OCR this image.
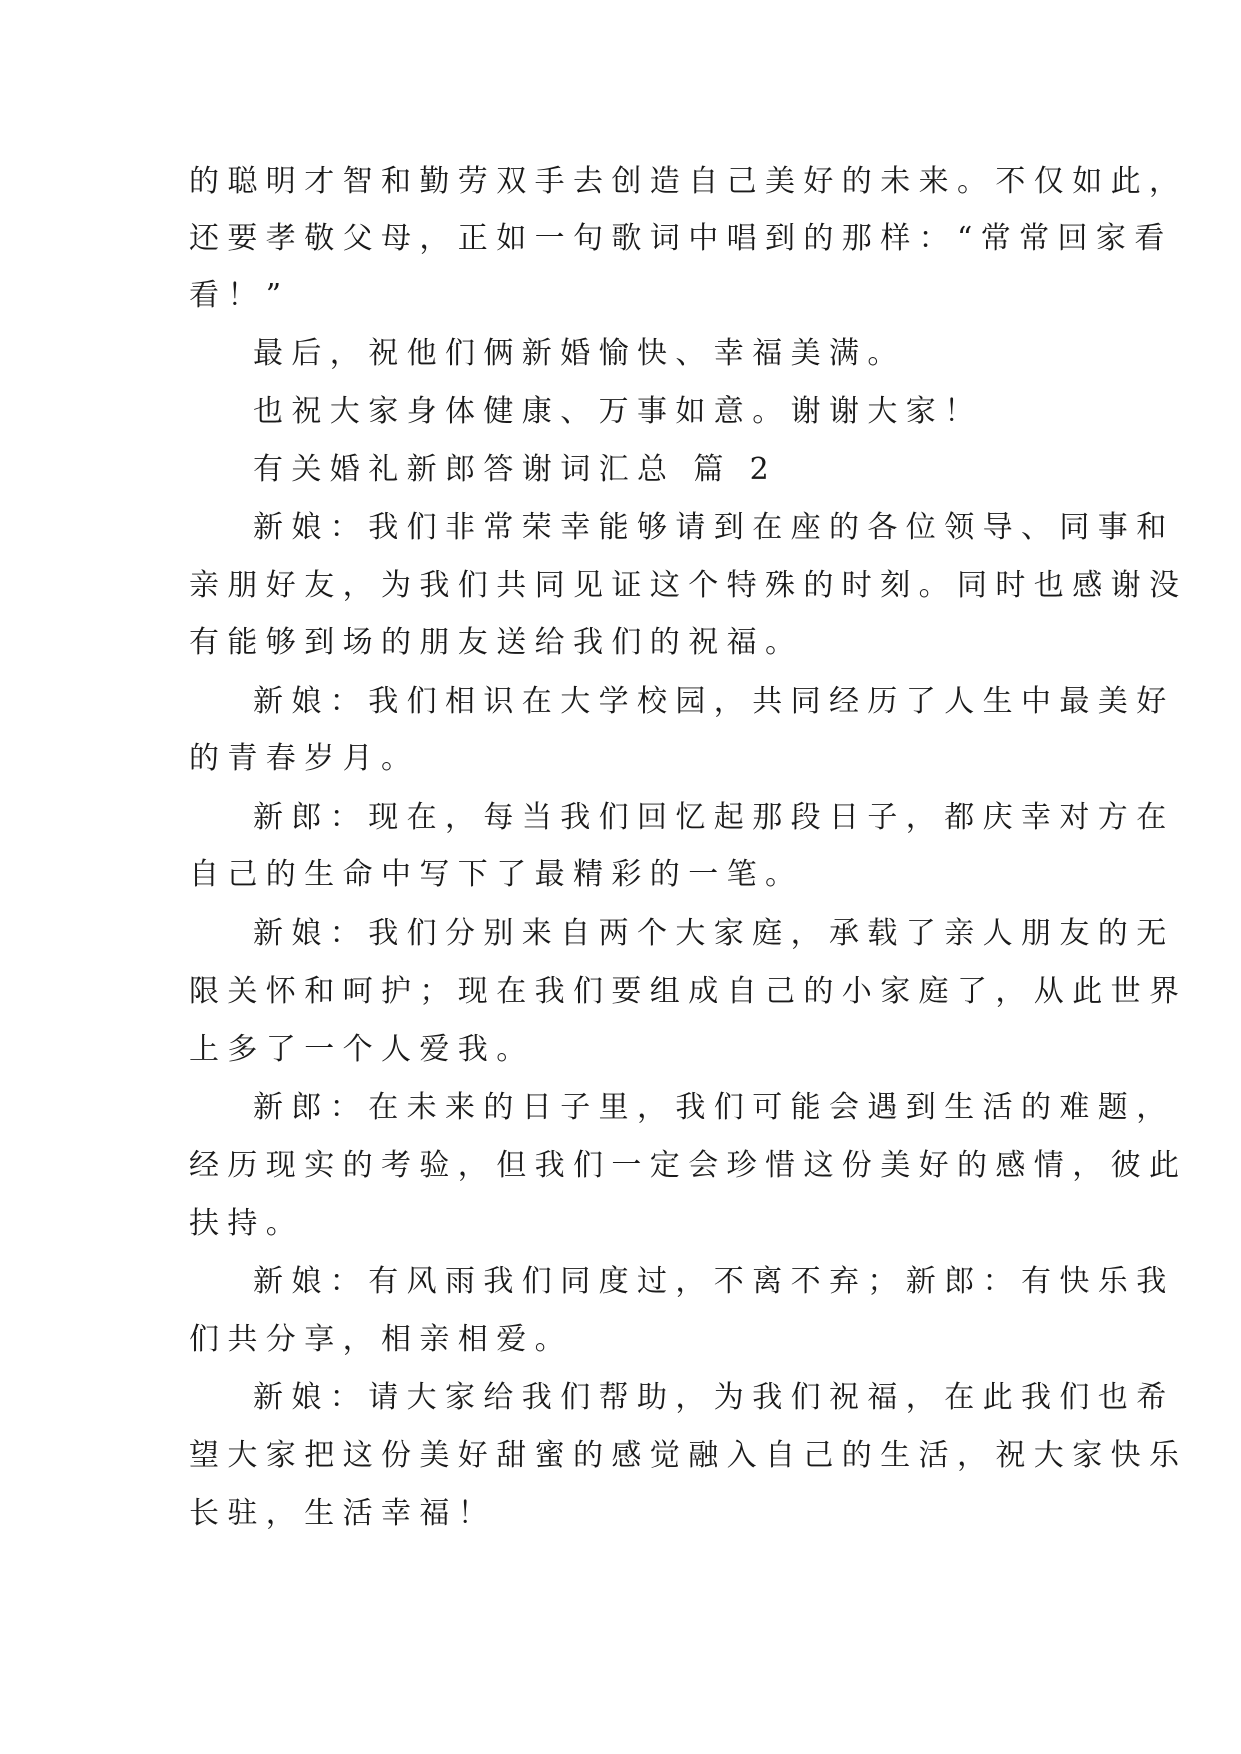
的聪明才智和勤劳双手去创造自己美好的未来。不仅如此，
还要孝敬父母，正如一句歌词中唱到的那样：“常常回家看
看！”
最后，祝他们俩新婚愉快、幸福美满。
也祝大家身体健康、万事如意。谢谢大家！
有关婚礼新郎答谢词汇总 篇 2
新娘：我们非常荣幸能够请到在座的各位领导、同事和
亲朋好友，为我们共同见证这个特殊的时刻。同时也感谢没
有能够到场的朋友送给我们的祝福。
新娘：我们相识在大学校园，共同经历了人生中最美好
的青春岁月。
新郎：现在，每当我们回忆起那段日子，都庆幸对方在
自己的生命中写下了最精彩的一笔。
新娘：我们分别来自两个大家庭，承载了亲人朋友的无
限关怀和呵护；现在我们要组成自己的小家庭了，从此世界
上多了一个人爱我。
新郎：在未来的日子里，我们可能会遇到生活的难题，
经历现实的考验，但我们一定会珍惜这份美好的感情，彼此
扶持。
新娘：有风雨我们同度过，不离不弃；新郎：有快乐我
们共分享，相亲相爱。
新娘：请大家给我们帮助，为我们祝福，在此我们也希
望大家把这份美好甜蜜的感觉融入自己的生活，祝大家快乐
长驻，生活幸福！
